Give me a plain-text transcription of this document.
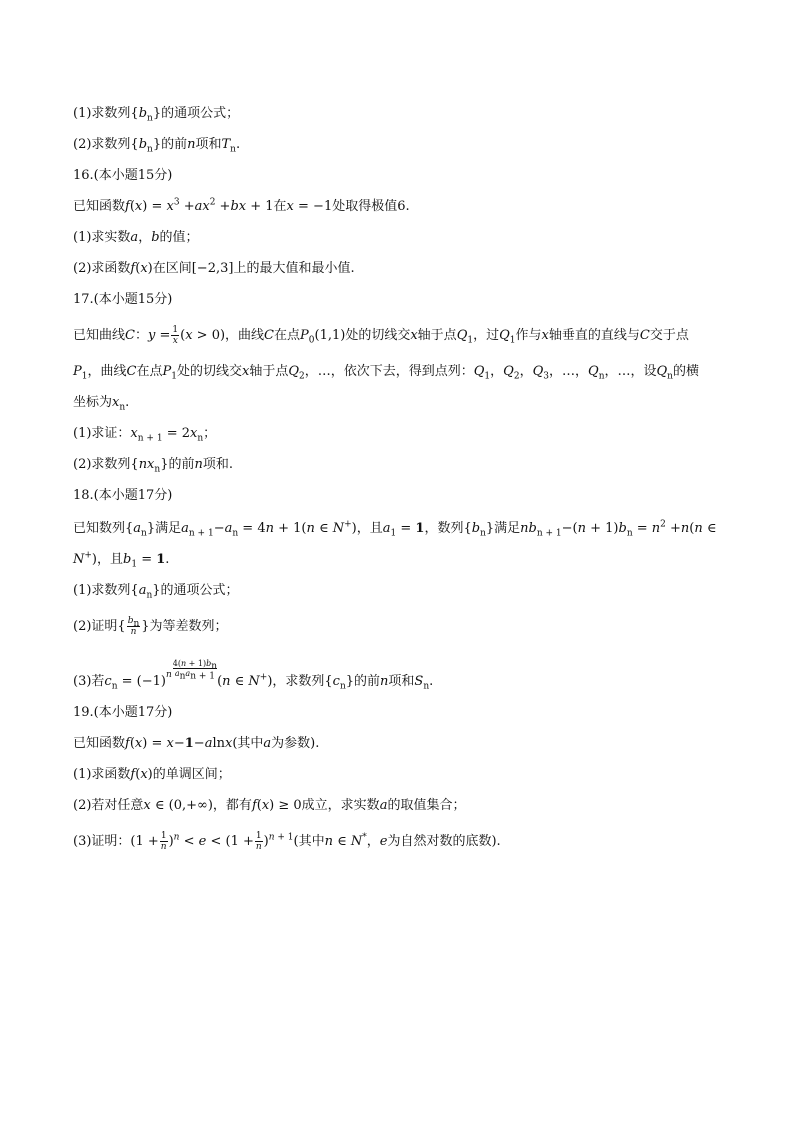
(1)求数列$\{b_n\}$的通项公式；
(2)求数列$\{b_n\}$的前n项和$T_n$.
16.(本小题15分)
已知函数$f(x) = x^3 +ax^2 +bx + 1$在x = −1处取得极值6.
(1)求实数a，b的值；
(2)求函数f(x)在区间[−2,3]上的最大值和最小值.
17.(本小题15分)
已知曲线C：$y = \frac{1}{x} (x > 0)$，曲线C在点$P_0(1,1)$处的切线交x轴于点$Q_1$，过$Q_1$作与x轴垂直的直线与C交于点
$P_1$，曲线C在点$P_1$处的切线交x轴于点$Q_2$，…，依次下去，得到点列：$Q_1$，$Q_2$，$Q_3$，…，$Q_n$，…，设$Q_n$的横
坐标为$x_n$.
(1)求证：$x_{n + 1} = 2x_n$；
(2)求数列$\{nx_n\}$的前n项和.
18.(本小题17分)
已知数列$\{a_n\}$满足$a_{n + 1}-a_n = 4n + 1(n$ ∈ N+)，且$a_1 = 1$，数列$\{b_n\}$满足$nb_{n + 1}-(n + 1)b_n = n^2 +n(n$ ∈
N+)，且$b_1 = 1$.
(1)求数列$\{a_n\}$的通项公式；
(2)证明{ $\frac{b_n}{n}$ }为等差数列；
(3)若$c_n = (-1)^n \frac{4(n + 1)b_n}{a_na_{n + 1}}$
(n ∈ N+)，求数列$\{c_n\}$的前n项和$S_n$.
19.(本小题17分)
已知函数f(x) = x−1−alnx(其中a为参数).
(1)求函数f(x)的单调区间；
(2)若对任意x ∈ (0,+∞)，都有f(x) ≥ 0成立，求实数a的取值集合；
(3)证明：$(1 + \frac{1}{n} )^n < e < (1 + \frac{1}{n} )^{n + 1}$(其中n ∈ N*，e为自然对数的底数).
